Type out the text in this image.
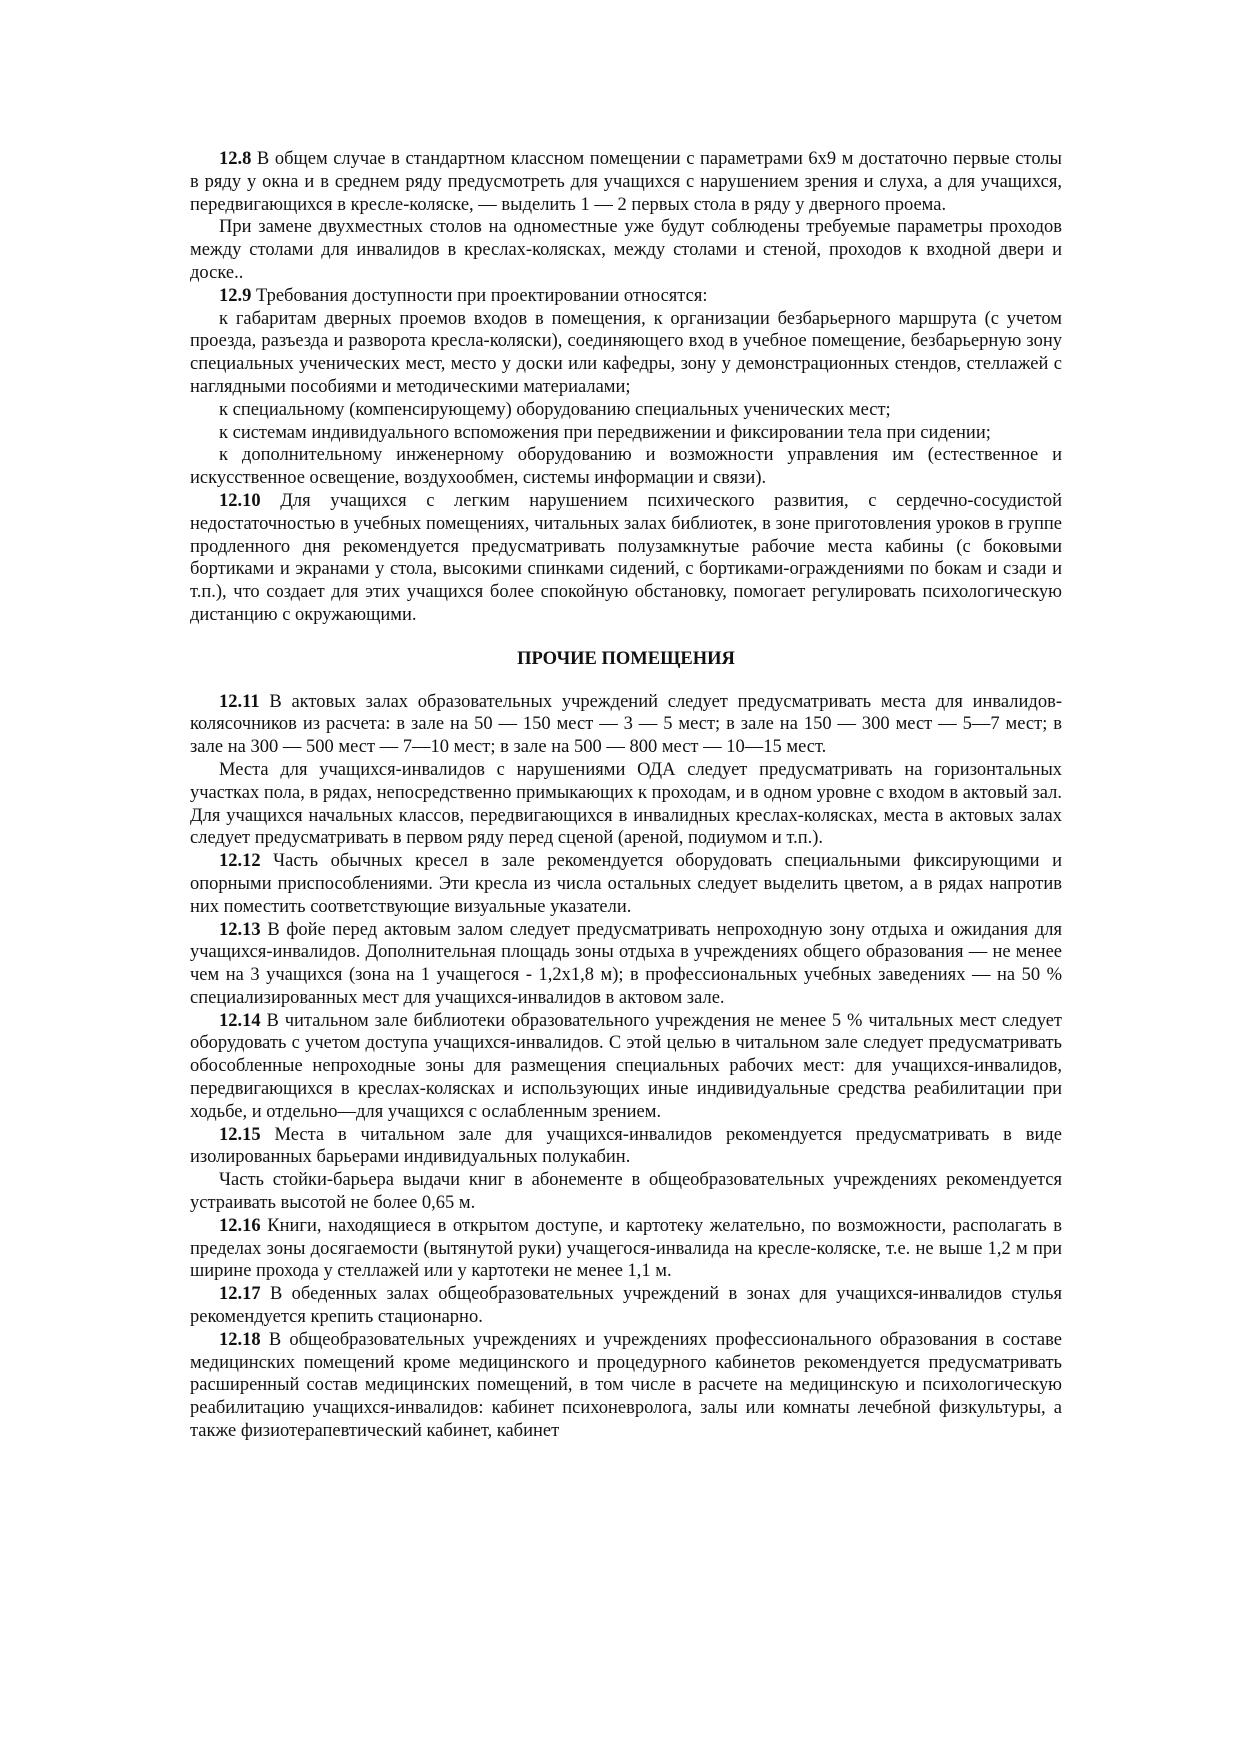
12.8 В общем случае в стандартном классном помещении с параметрами 6x9 м достаточно первые столы в ряду у окна и в среднем ряду предусмотреть для учащихся с нарушением зрения и слуха, а для учащихся, передвигающихся в кресле-коляске, — выделить 1 — 2 первых стола в ряду у дверного проема.

При замене двухместных столов на одноместные уже будут соблюдены требуемые параметры проходов между столами для инвалидов в креслах-колясках, между столами и стеной, проходов к входной двери и доске..

12.9 Требования доступности при проектировании относятся:

к габаритам дверных проемов входов в помещения, к организации безбарьерного маршрута (с учетом проезда, разъезда и разворота кресла-коляски), соединяющего вход в учебное помещение, безбарьерную зону специальных ученических мест, место у доски или кафедры, зону у демонстрационных стендов, стеллажей с наглядными пособиями и методическими материалами;

к специальному (компенсирующему) оборудованию специальных ученических мест;

к системам индивидуального вспоможения при передвижении и фиксировании тела при сидении;

к дополнительному инженерному оборудованию и возможности управления им (естественное и искусственное освещение, воздухообмен, системы информации и связи).

12.10 Для учащихся с легким нарушением психического развития, с сердечно-сосудистой недостаточностью в учебных помещениях, читальных залах библиотек, в зоне приготовления уроков в группе продленного дня рекомендуется предусматривать полузамкнутые рабочие места кабины (с боковыми бортиками и экранами у стола, высокими спинками сидений, с бортиками-ограждениями по бокам и сзади и т.п.), что создает для этих учащихся более спокойную обстановку, помогает регулировать психологическую дистанцию с окружающими.

ПРОЧИЕ ПОМЕЩЕНИЯ

12.11 В актовых залах образовательных учреждений следует предусматривать места для инвалидов-колясочников из расчета: в зале на 50 — 150 мест — 3 — 5 мест; в зале на 150 — 300 мест — 5—7 мест; в зале на 300 — 500 мест — 7—10 мест; в зале на 500 — 800 мест — 10—15 мест.

Места для учащихся-инвалидов с нарушениями ОДА следует предусматривать на горизонтальных участках пола, в рядах, непосредственно примыкающих к проходам, и в одном уровне с входом в актовый зал. Для учащихся начальных классов, передвигающихся в инвалидных креслах-колясках, места в актовых залах следует предусматривать в первом ряду перед сценой (ареной, подиумом и т.п.).

12.12 Часть обычных кресел в зале рекомендуется оборудовать специальными фиксирующими и опорными приспособлениями. Эти кресла из числа остальных следует выделить цветом, а в рядах напротив них поместить соответствующие визуальные указатели.

12.13 В фойе перед актовым залом следует предусматривать непроходную зону отдыха и ожидания для учащихся-инвалидов. Дополнительная площадь зоны отдыха в учреждениях общего образования — не менее чем на 3 учащихся (зона на 1 учащегося - 1,2х1,8 м); в профессиональных учебных заведениях — на 50 % специализированных мест для учащихся-инвалидов в актовом зале.

12.14 В читальном зале библиотеки образовательного учреждения не менее 5 % читальных мест следует оборудовать с учетом доступа учащихся-инвалидов. С этой целью в читальном зале следует предусматривать обособленные непроходные зоны для размещения специальных рабочих мест: для учащихся-инвалидов, передвигающихся в креслах-колясках и использующих иные индивидуальные средства реабилитации при ходьбе, и отдельно—для учащихся с ослабленным зрением.

12.15 Места в читальном зале для учащихся-инвалидов рекомендуется предусматривать в виде изолированных барьерами индивидуальных полукабин.

Часть стойки-барьера выдачи книг в абонементе в общеобразовательных учреждениях рекомендуется устраивать высотой не более 0,65 м.

12.16 Книги, находящиеся в открытом доступе, и картотеку желательно, по возможности, располагать в пределах зоны досягаемости (вытянутой руки) учащегося-инвалида на кресле-коляске, т.е. не выше 1,2 м при ширине прохода у стеллажей или у картотеки не менее 1,1 м.

12.17 В обеденных залах общеобразовательных учреждений в зонах для учащихся-инвалидов стулья рекомендуется крепить стационарно.

12.18 В общеобразовательных учреждениях и учреждениях профессионального образования в составе медицинских помещений кроме медицинского и процедурного кабинетов рекомендуется предусматривать расширенный состав медицинских помещений, в том числе в расчете на медицинскую и психологическую реабилитацию учащихся-инвалидов: кабинет психоневролога, залы или комнаты лечебной физкультуры, а также физиотерапевтический кабинет, кабинет
